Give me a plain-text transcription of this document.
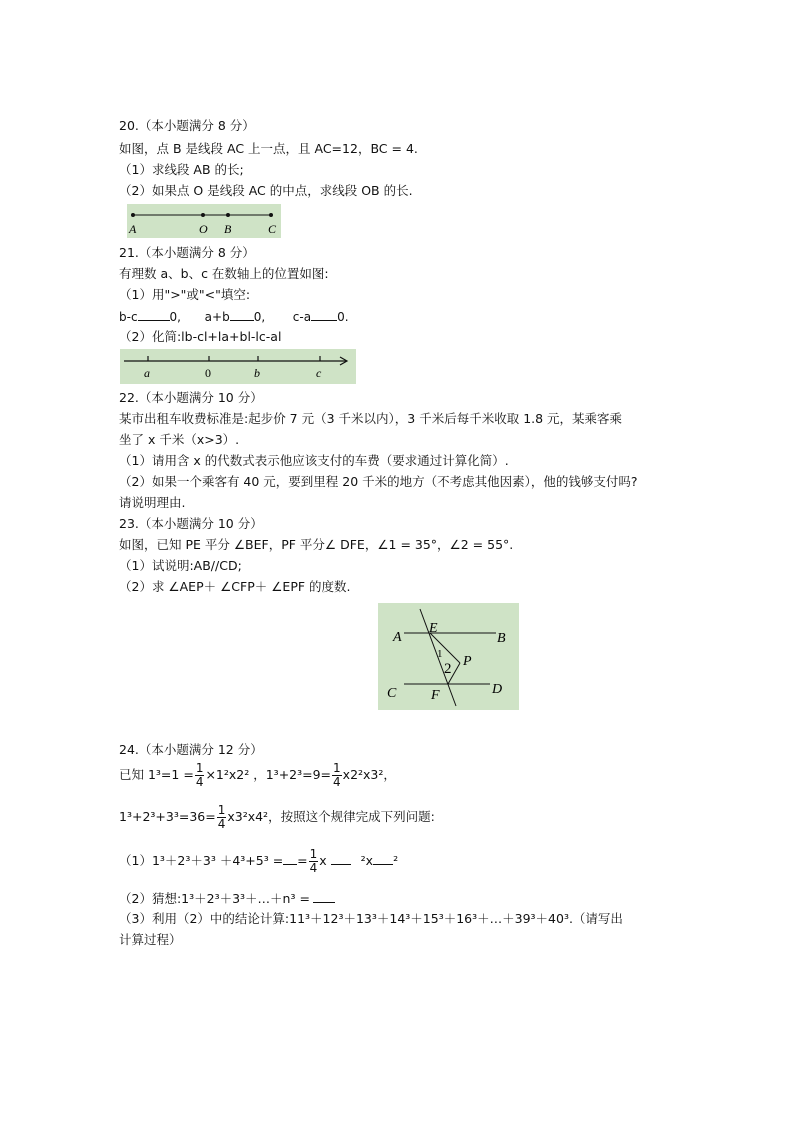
20.（本小题满分 8 分）
如图，点 B 是线段 AC 上一点，且 AC=12，BC = 4.
（1）求线段 AB 的长;
（2）如果点 O 是线段 AC 的中点，求线段 OB 的长.
A	O B	C
21.（本小题满分 8 分）
有理数 a、b、c 在数轴上的位置如图:
（1）用">"或"<"填空:
b-c	0, a+b 0, c-a 0.
（2）化简:lb-cl+la+bl-lc-al
a	0	b	c
22.（本小题满分 10 分）
某市出租车收费标准是:起步价 7 元（3 千米以内），3 千米后每千米收取 1.8 元，某乘客乘
坐了 x 千米（x>3）.
（1）请用含 x 的代数式表示他应该支付的车费（要求通过计算化简）.
（2）如果一个乘客有 40 元，要到里程 20 千米的地方（不考虑其他因素），他的钱够支付吗?
请说明理由.
23.（本小题满分 10 分）
如图，已知 PE 平分 ∠BEF，PF 平分∠ DFE，∠1 = 35°，∠2 = 55°.
（1）试说明:AB//CD;
（2）求 ∠AEP＋ ∠CFP＋ ∠EPF 的度数.
A
E
B
1 P
2
C F	D
24.（本小题满分 12 分）
已知 $1^3=1 = \frac{1}{4} \times 1^2x2^2$ ，$1^3+2^3=9= \frac{1}{4} x2^2x3^2$，
$1^3+2^3+3^3=36= \frac{1}{4} x3^2x4^2$，按照这个规律完成下列问题:
（1）1³＋2³＋3³ ＋4³+5³ = = $\frac{1}{4}$ x	²x ²
（2）猜想:1³＋2³＋3³＋…＋n³ =
（3）利用（2）中的结论计算:11³＋12³＋13³＋14³＋15³＋16³＋…＋39³＋40³.（请写出
计算过程）
